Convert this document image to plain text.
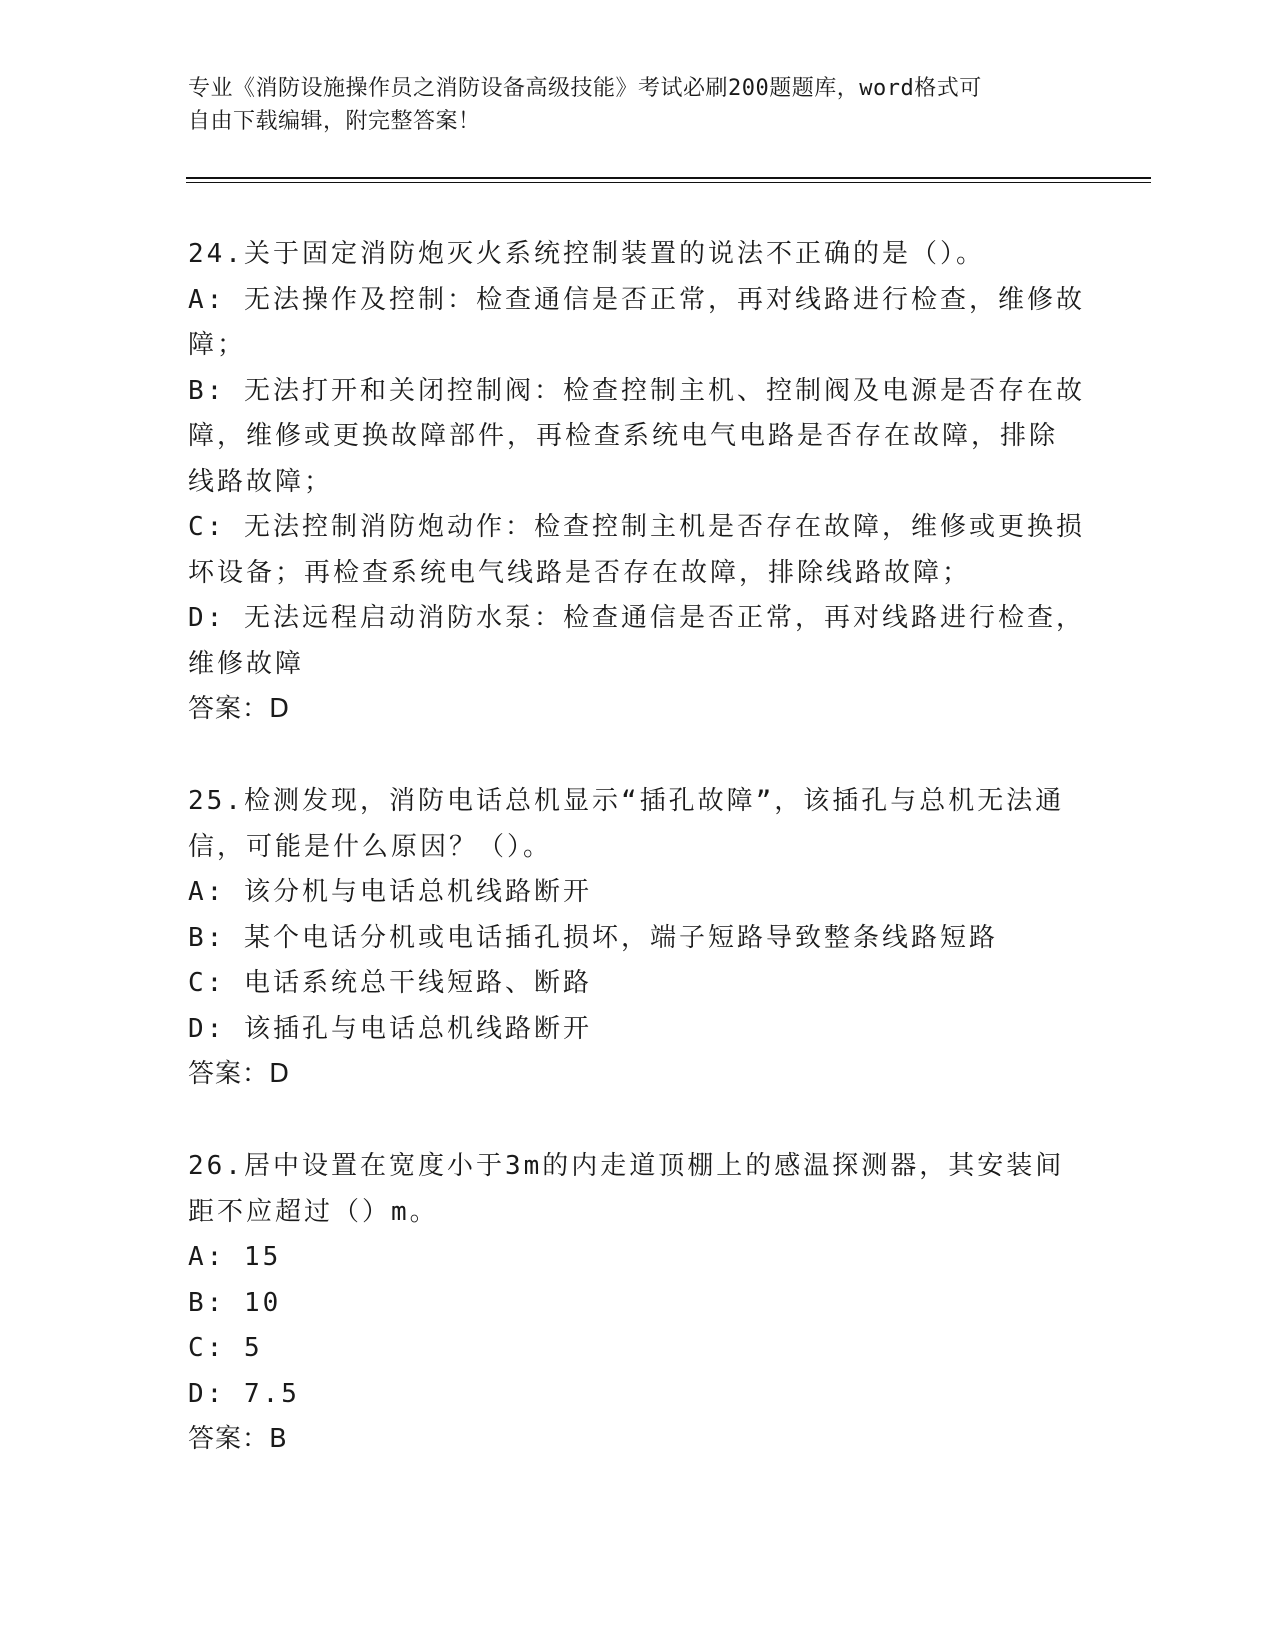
专业《消防设施操作员之消防设备高级技能》考试必刷200题题库，word格式可
自由下载编辑，附完整答案！
24.关于固定消防炮灭火系统控制装置的说法不正确的是（）。
A: 无法操作及控制：检查通信是否正常，再对线路进行检查，维修故
障；
B: 无法打开和关闭控制阀：检查控制主机、控制阀及电源是否存在故
障，维修或更换故障部件，再检查系统电气电路是否存在故障，排除
线路故障；
C: 无法控制消防炮动作：检查控制主机是否存在故障，维修或更换损
坏设备；再检查系统电气线路是否存在故障，排除线路故障；
D: 无法远程启动消防水泵：检查通信是否正常，再对线路进行检查，
维修故障
答案：D
25.检测发现，消防电话总机显示“插孔故障”，该插孔与总机无法通
信，可能是什么原因？（）。
A: 该分机与电话总机线路断开
B: 某个电话分机或电话插孔损坏，端子短路导致整条线路短路
C: 电话系统总干线短路、断路
D: 该插孔与电话总机线路断开
答案：D
26.居中设置在宽度小于3m的内走道顶棚上的感温探测器，其安装间
距不应超过（）m。
A: 15
B: 10
C: 5
D: 7.5
答案：B
